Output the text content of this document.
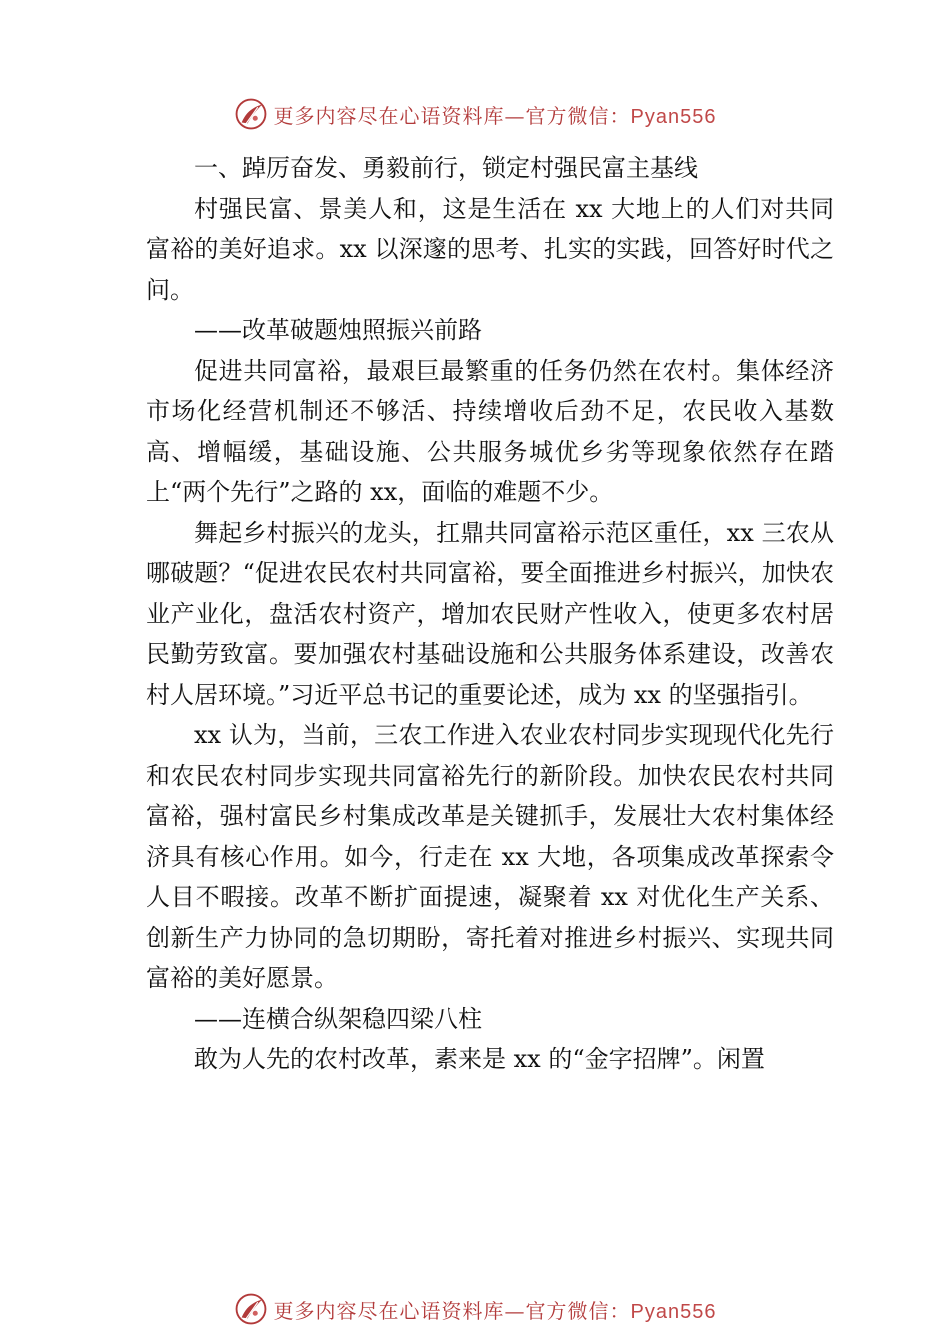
更多内容尽在心语资料库—官方微信：Pyan556

一、踔厉奋发、勇毅前行，锁定村强民富主基线

村强民富、景美人和，这是生活在 xx 大地上的人们对共同富裕的美好追求。xx 以深邃的思考、扎实的实践，回答好时代之问。

——改革破题烛照振兴前路

促进共同富裕，最艰巨最繁重的任务仍然在农村。集体经济市场化经营机制还不够活、持续增收后劲不足，农民收入基数高、增幅缓，基础设施、公共服务城优乡劣等现象依然存在踏上“两个先行”之路的 xx，面临的难题不少。

舞起乡村振兴的龙头，扛鼎共同富裕示范区重任，xx 三农从哪破题？“促进农民农村共同富裕，要全面推进乡村振兴，加快农业产业化，盘活农村资产，增加农民财产性收入，使更多农村居民勤劳致富。要加强农村基础设施和公共服务体系建设，改善农村人居环境。”习近平总书记的重要论述，成为 xx 的坚强指引。

xx 认为，当前，三农工作进入农业农村同步实现现代化先行和农民农村同步实现共同富裕先行的新阶段。加快农民农村共同富裕，强村富民乡村集成改革是关键抓手，发展壮大农村集体经济具有核心作用。如今，行走在 xx 大地，各项集成改革探索令人目不暇接。改革不断扩面提速，凝聚着 xx 对优化生产关系、创新生产力协同的急切期盼，寄托着对推进乡村振兴、实现共同富裕的美好愿景。

——连横合纵架稳四梁八柱

敢为人先的农村改革，素来是 xx 的“金字招牌”。闲置

更多内容尽在心语资料库—官方微信：Pyan556
